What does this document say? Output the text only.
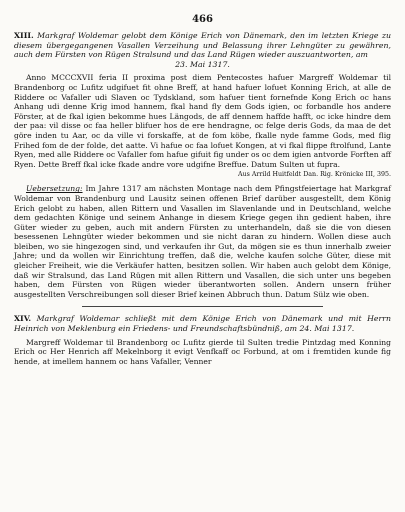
466
XIII. Markgraf Woldemar gelobt dem Könige Erich von Dänemark, den im letzten Kriege zu diesem übergegangenen Vasallen Verzeihung und Belassung ihrer Lehngüter zu gewähren, auch dem Fürsten von Rügen Stralsund und das Land Rügen wieder auszuantworten, am
23. Mai 1317.

Anno MCCCXVII feria II proxima post diem Pentecostes hafuer Margreff Woldemar til Brandenborg oc Lufitz udgifuet fit ohne Breff, at hand hafuer lofuet Konning Erich, at alle de Riddere oc Vafaller udi Slaven oc Tydskland, som hafuer tient fornefnde Kong Erich oc hans Anhang udi denne Krig imod hannem, fkal hand fly dem Gods igien, oc forbandle hos andere Förster, at de fkal igien bekomme hues Längods, de aff dennem haffde hafft, oc icke hindre dem der paa: vil disse oc faa heller blifuer hos de ere hendragne, oc felge deris Gods, da maa de det göre inden tu Aar, oc da ville vi forskaffe, at de fom köbe, fkalle nyde famme Gods, med flig Frihed fom de der folde, det aatte. Vi hafue oc faa lofuet Kongen, at vi fkal flippe ftrolfund, Lante Ryen, med alle Riddere oc Vafaller fom hafue gifuit fig under os oc dem igien antvorde Forften aff Ryen. Dette Breff fkal icke fkade andre vore udgifne Breffue. Datum Sulten ut fupra.

Aus Arrild Huitfeldt Dan. Rig. Krönicke III, 395.

Uebersetzung: Im Jahre 1317 am nächsten Montage nach dem Pfingstfeiertage hat Markgraf Woldemar von Brandenburg und Lausitz seinen offenen Brief darüber ausgestellt, dem König Erich gelobt zu haben, allen Rittern und Vasallen im Slavenlande und in Deutschland, welche dem gedachten Könige und seinem Anhange in diesem Kriege gegen ihn gedient haben, ihre Güter wieder zu geben, auch mit andern Fürsten zu unterhandeln, daß sie die von diesen besessenen Lehngüter wieder bekommen und sie nicht daran zu hindern. Wollen diese auch bleiben, wo sie hingezogen sind, und verkaufen ihr Gut, da mögen sie es thun innerhalb zweier Jahre; und da wollen wir Einrichtung treffen, daß die, welche kaufen solche Güter, diese mit gleicher Freiheit, wie die Verkäufer hatten, besitzen sollen. Wir haben auch gelobt dem Könige, daß wir Stralsund, das Land Rügen mit allen Rittern und Vasallen, die sich unter uns begeben haben, dem Fürsten von Rügen wieder überantworten sollen. Andern unsern früher ausgestellten Verschreibungen soll dieser Brief keinen Abbruch thun. Datum Sülz wie oben.

XIV. Markgraf Woldemar schließt mit dem Könige Erich von Dänemark und mit Herrn Heinrich von Meklenburg ein Friedens- und Freundschaftsbündniß, am 24. Mai 1317.

Margreff Woldemar til Brandenborg oc Lufitz gierde til Sulten tredie Pintzdag med Konning Erich oc Her Henrich aff Mekelnborg it evigt Venfkaff oc Forbund, at om i fremtiden kunde fig hende, at imellem hannem oc hans Vafaller, Venner
